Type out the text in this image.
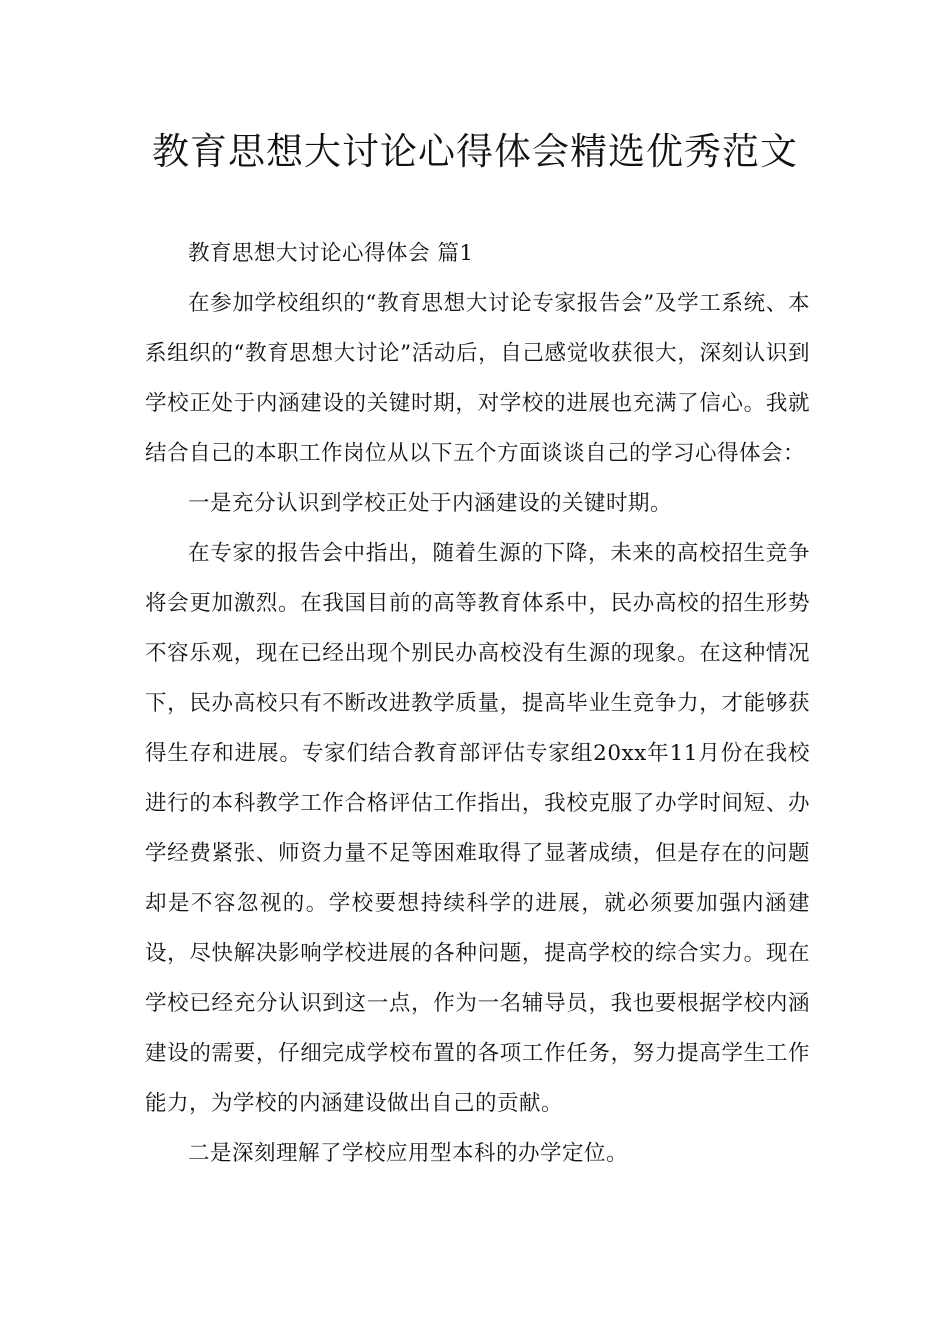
教育思想大讨论心得体会精选优秀范文

教育思想大讨论心得体会 篇1

在参加学校组织的“教育思想大讨论专家报告会”及学工系统、本系组织的“教育思想大讨论”活动后，自己感觉收获很大，深刻认识到学校正处于内涵建设的关键时期，对学校的进展也充满了信心。我就结合自己的本职工作岗位从以下五个方面谈谈自己的学习心得体会：

一是充分认识到学校正处于内涵建设的关键时期。

在专家的报告会中指出，随着生源的下降，未来的高校招生竞争将会更加激烈。在我国目前的高等教育体系中，民办高校的招生形势不容乐观，现在已经出现个别民办高校没有生源的现象。在这种情况下，民办高校只有不断改进教学质量，提高毕业生竞争力，才能够获得生存和进展。专家们结合教育部评估专家组20xx年11月份在我校进行的本科教学工作合格评估工作指出，我校克服了办学时间短、办学经费紧张、师资力量不足等困难取得了显著成绩，但是存在的问题却是不容忽视的。学校要想持续科学的进展，就必须要加强内涵建设，尽快解决影响学校进展的各种问题，提高学校的综合实力。现在学校已经充分认识到这一点，作为一名辅导员，我也要根据学校内涵建设的需要，仔细完成学校布置的各项工作任务，努力提高学生工作能力，为学校的内涵建设做出自己的贡献。

二是深刻理解了学校应用型本科的办学定位。
